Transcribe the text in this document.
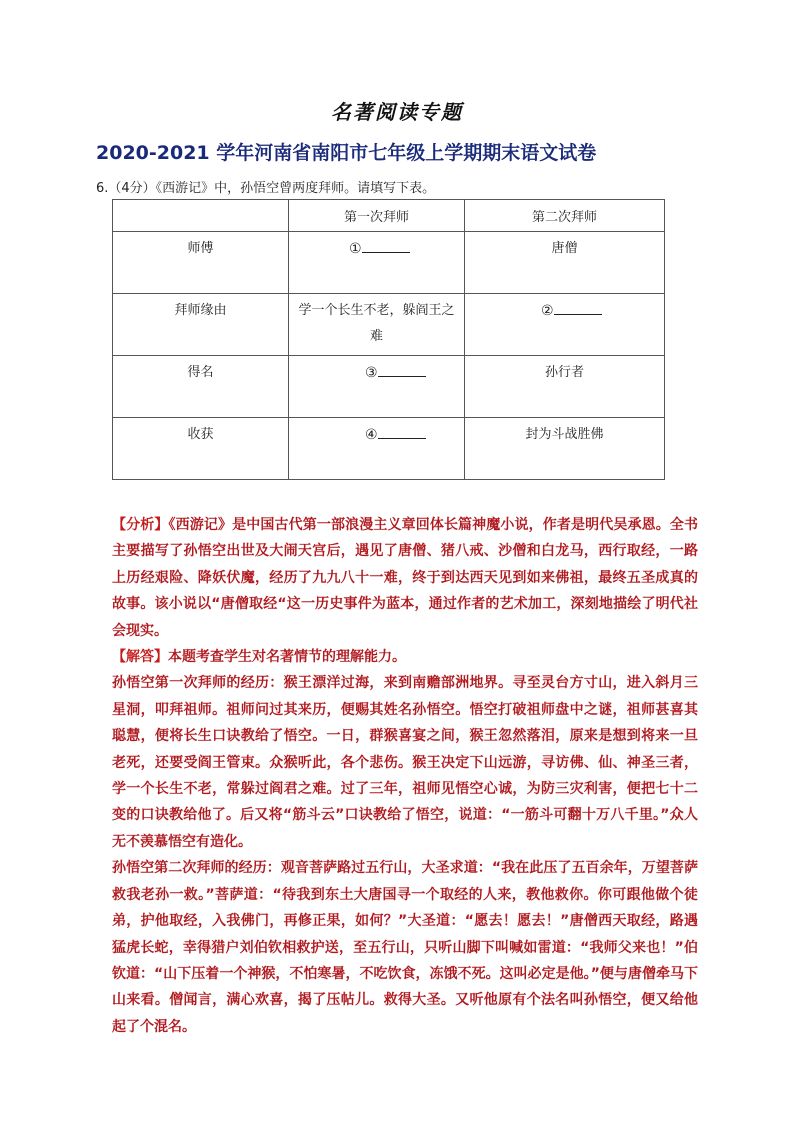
名著阅读专题
2020-2021 学年河南省南阳市七年级上学期期末语文试卷
6.（4分）《西游记》中，孙悟空曾两度拜师。请填写下表。
	第一次拜师	第二次拜师

师傅	①	唐僧

拜师缘由	学一个长生不老，躲阎王之难	②

得名	③	孙行者

收获	④	封为斗战胜佛

【分析】《西游记》是中国古代第一部浪漫主义章回体长篇神魔小说，作者是明代吴承恩。全书主要描写了孙悟空出世及大闹天宫后，遇见了唐僧、猪八戒、沙僧和白龙马，西行取经，一路上历经艰险、降妖伏魔，经历了九九八十一难，终于到达西天见到如来佛祖，最终五圣成真的故事。该小说以“唐僧取经“这一历史事件为蓝本，通过作者的艺术加工，深刻地描绘了明代社会现实。

【解答】本题考查学生对名著情节的理解能力。

孙悟空第一次拜师的经历：猴王漂洋过海，来到南赡部洲地界。寻至灵台方寸山，进入斜月三星洞，叩拜祖师。祖师问过其来历，便赐其姓名孙悟空。悟空打破祖师盘中之谜，祖师甚喜其聪慧，便将长生口诀教给了悟空。一日，群猴喜宴之间，猴王忽然落泪，原来是想到将来一旦老死，还要受阎王管束。众猴听此，各个悲伤。猴王决定下山远游，寻访佛、仙、神圣三者，学一个长生不老，常躲过阎君之难。过了三年，祖师见悟空心诚，为防三灾利害，便把七十二变的口诀教给他了。后又将“筋斗云”口诀教给了悟空，说道：“一筋斗可翻十万八千里。”众人无不羡慕悟空有造化。

孙悟空第二次拜师的经历：观音菩萨路过五行山，大圣求道：“我在此压了五百余年，万望菩萨救我老孙一救。”菩萨道：“待我到东土大唐国寻一个取经的人来，教他救你。你可跟他做个徒弟，护他取经，入我佛门，再修正果，如何？”大圣道：“愿去！愿去！”唐僧西天取经，路遇猛虎长蛇，幸得猎户刘伯钦相救护送，至五行山，只听山脚下叫喊如雷道：“我师父来也！”伯钦道：“山下压着一个神猴，不怕寒暑，不吃饮食，冻饿不死。这叫必定是他。”便与唐僧牵马下山来看。僧闻言，满心欢喜，揭了压帖儿。救得大圣。又听他原有个法名叫孙悟空，便又给他起了个混名。
